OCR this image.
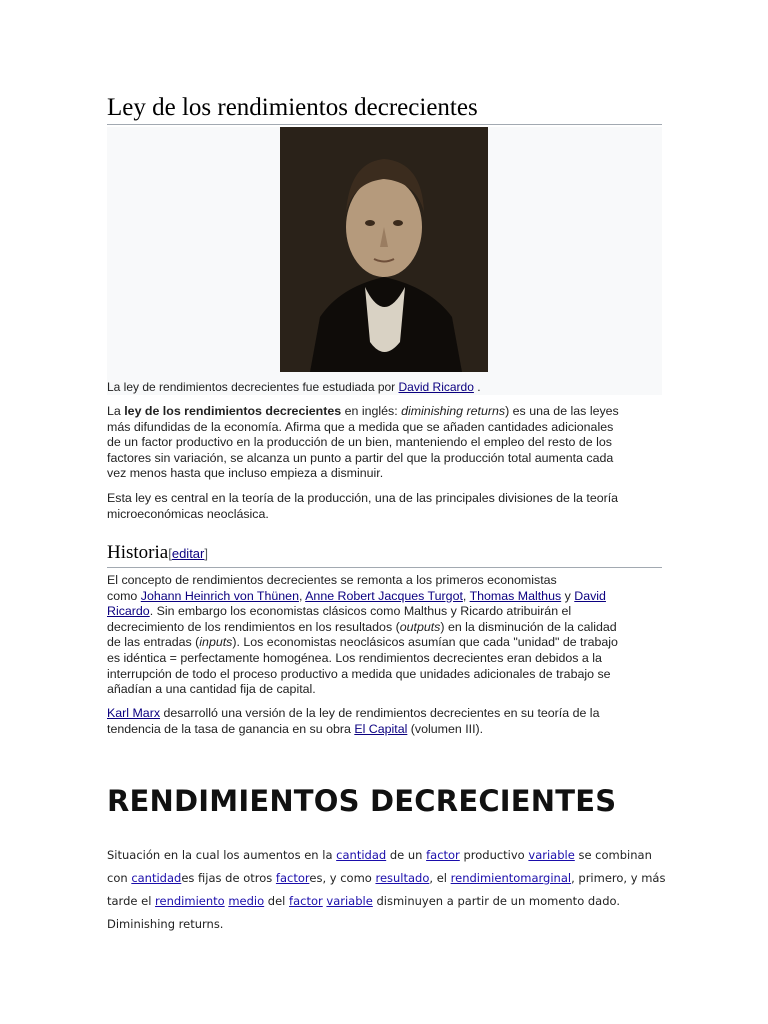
Ley de los rendimientos decrecientes
La ley de rendimientos decrecientes fue estudiada por David Ricardo .
La ley de los rendimientos decrecientes en inglés: diminishing returns) es una de las leyes
más difundidas de la economía. Afirma que a medida que se añaden cantidades adicionales
de un factor productivo en la producción de un bien, manteniendo el empleo del resto de los
factores sin variación, se alcanza un punto a partir del que la producción total aumenta cada
vez menos hasta que incluso empieza a disminuir.
Esta ley es central en la teoría de la producción, una de las principales divisiones de la teoría
microeconómicas neoclásica.
Historia[editar]
El concepto de rendimientos decrecientes se remonta a los primeros economistas
como Johann Heinrich von Thünen, Anne Robert Jacques Turgot, Thomas Malthus y David
Ricardo. Sin embargo los economistas clásicos como Malthus y Ricardo atribuirán el
decrecimiento de los rendimientos en los resultados (outputs) en la disminución de la calidad
de las entradas (inputs). Los economistas neoclásicos asumían que cada "unidad" de trabajo
es idéntica = perfectamente homogénea. Los rendimientos decrecientes eran debidos a la
interrupción de todo el proceso productivo a medida que unidades adicionales de trabajo se
añadían a una cantidad fija de capital.
Karl Marx desarrolló una versión de la ley de rendimientos decrecientes en su teoría de la
tendencia de la tasa de ganancia en su obra El Capital (volumen III).
RENDIMIENTOS DECRECIENTES
Situación en la cual los aumentos en la cantidad de un factor productivo variable se combinan
con cantidades fijas de otros factores, y como resultado, el rendimientomarginal, primero, y más
tarde el rendimiento medio del factor variable disminuyen a partir de un momento dado.
Diminishing returns.
